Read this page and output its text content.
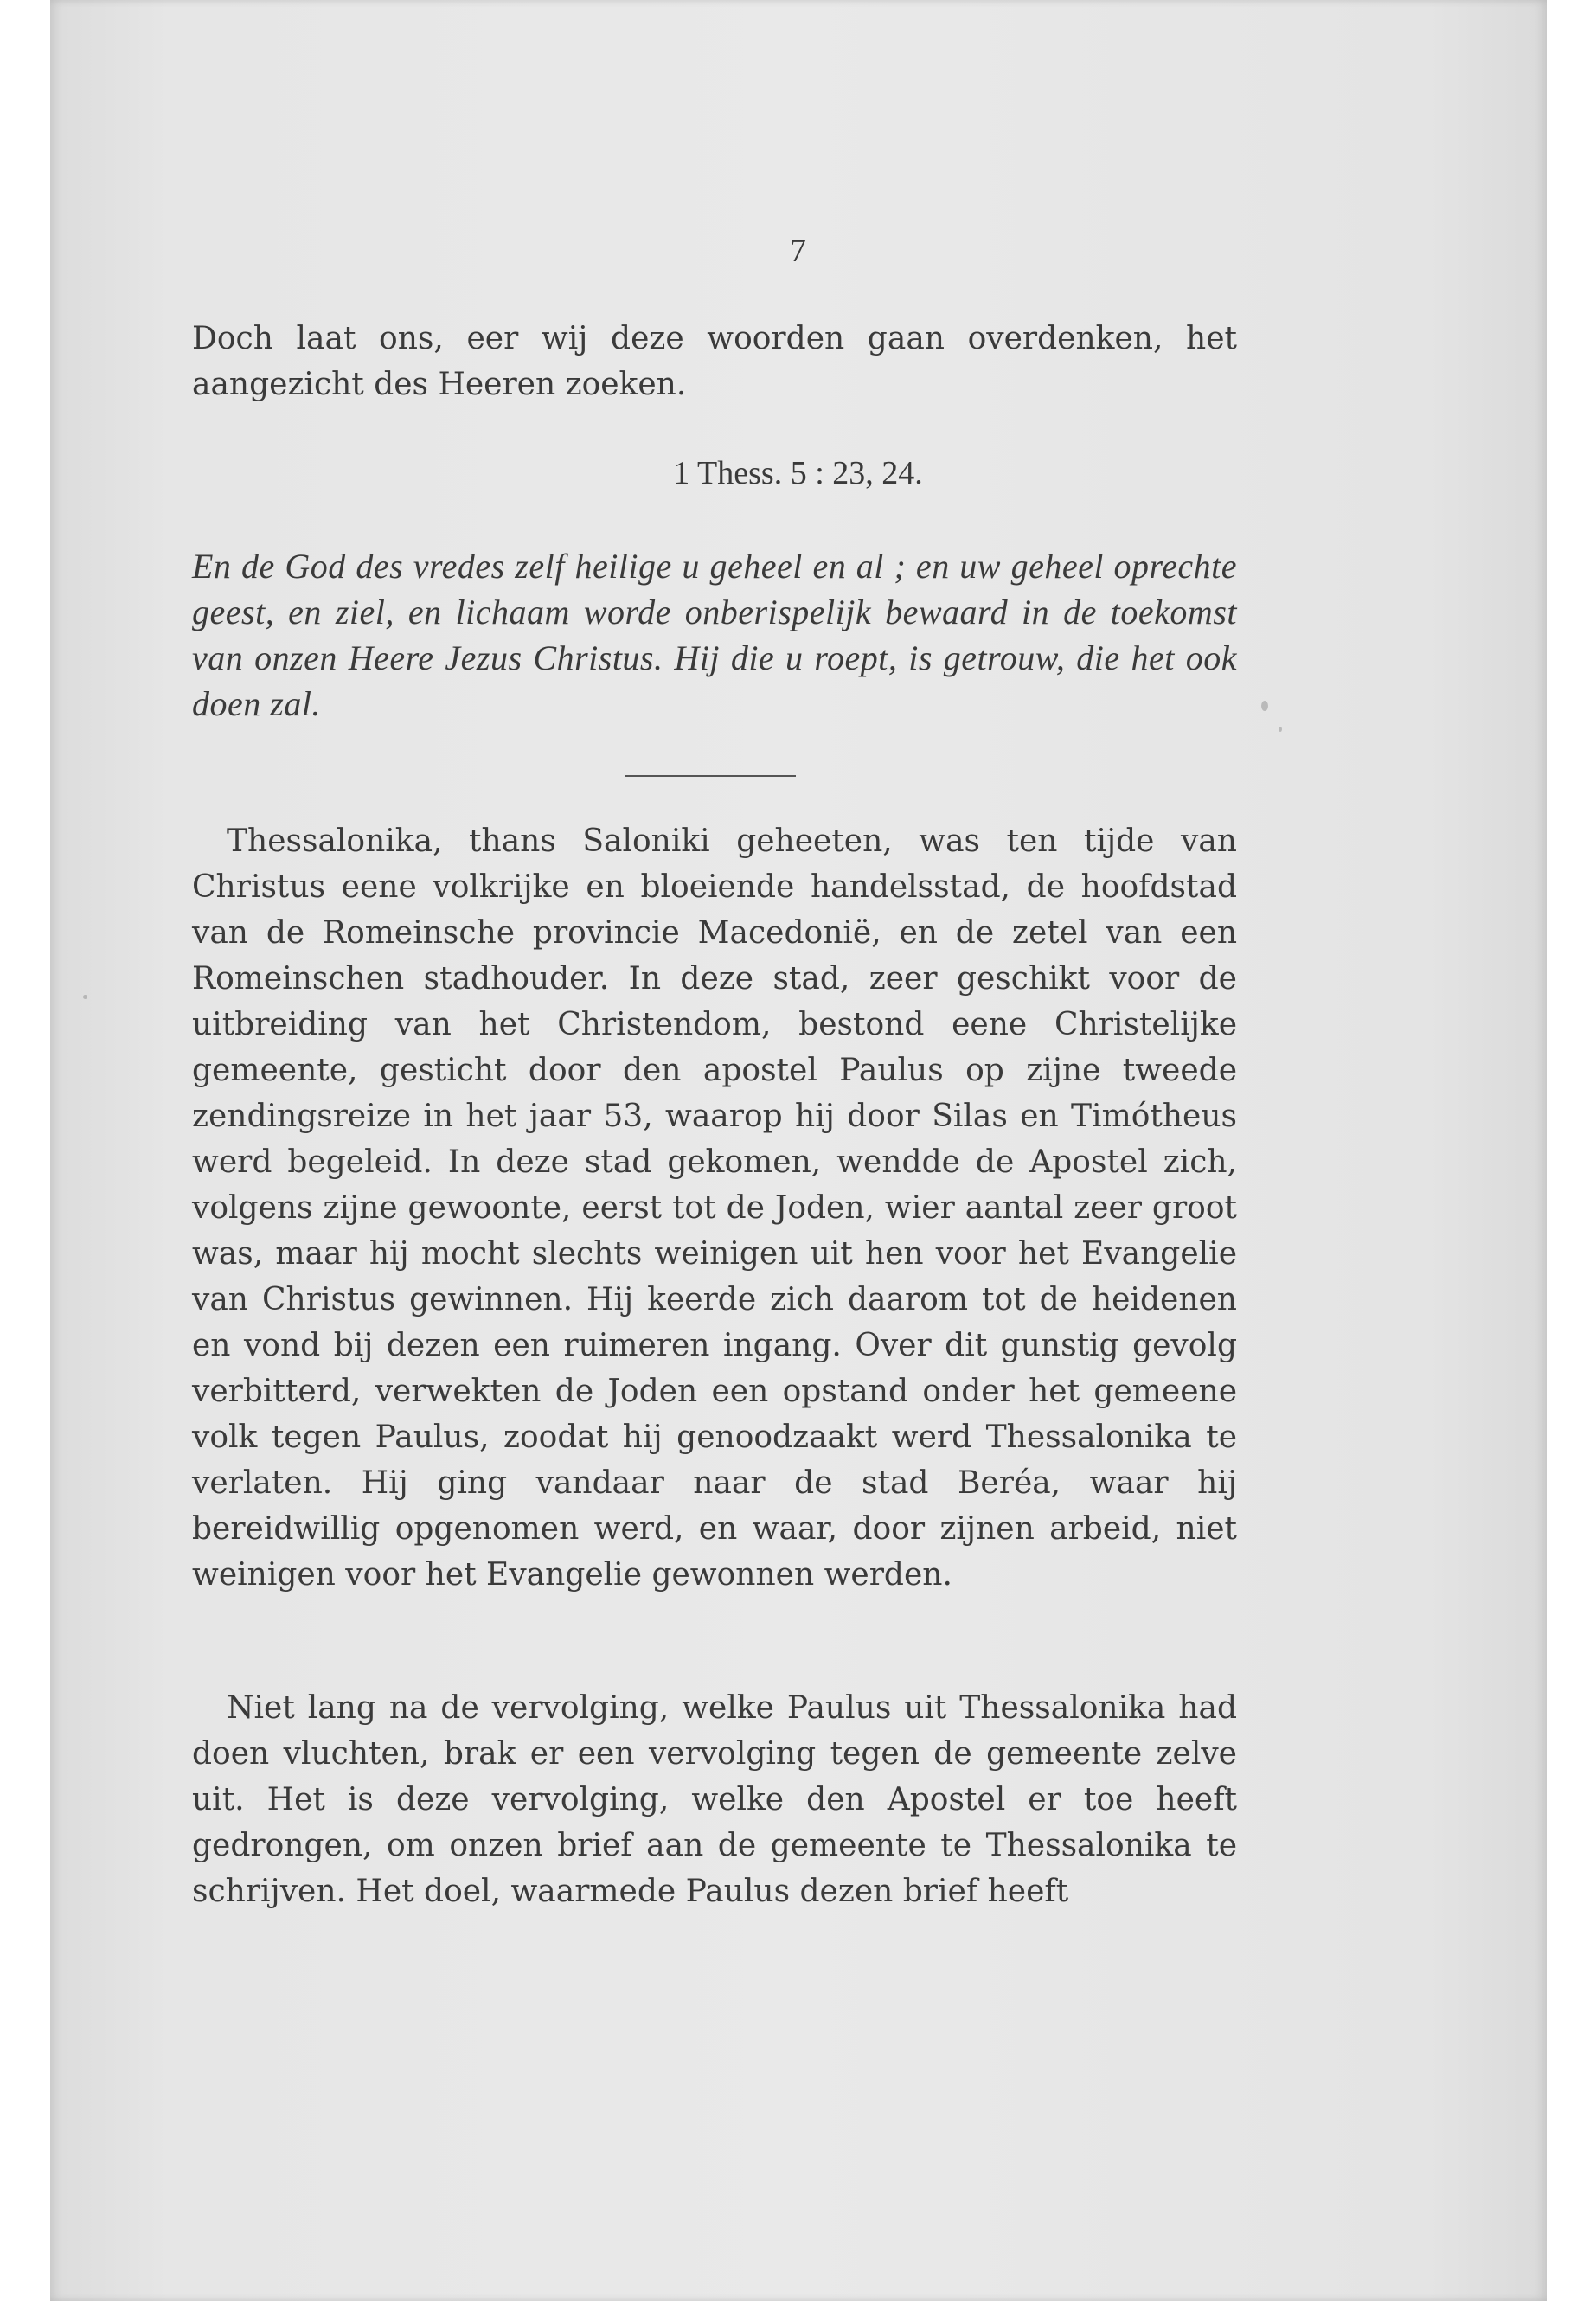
7
Doch laat ons, eer wij deze woorden gaan overdenken, het aangezicht des Heeren zoeken.
1 Thess. 5 : 23, 24.
En de God des vredes zelf heilige u geheel en al ; en uw geheel oprechte geest, en ziel, en lichaam worde onberispelijk bewaard in de toekomst van onzen Heere Jezus Christus. Hij die u roept, is getrouw, die het ook doen zal.
Thessalonika, thans Saloniki geheeten, was ten tijde van Christus eene volkrijke en bloeiende handelsstad, de hoofdstad van de Romeinsche provincie Macedonië, en de zetel van een Romeinschen stadhouder. In deze stad, zeer geschikt voor de uitbreiding van het Christendom, bestond eene Christelijke gemeente, gesticht door den apostel Paulus op zijne tweede zendingsreize in het jaar 53, waarop hij door Silas en Timótheus werd begeleid. In deze stad gekomen, wendde de Apostel zich, volgens zijne gewoonte, eerst tot de Joden, wier aantal zeer groot was, maar hij mocht slechts weinigen uit hen voor het Evangelie van Christus gewinnen. Hij keerde zich daarom tot de heidenen en vond bij dezen een ruimeren ingang. Over dit gunstig gevolg verbitterd, verwekten de Joden een opstand onder het gemeene volk tegen Paulus, zoodat hij genoodzaakt werd Thessalonika te verlaten. Hij ging vandaar naar de stad Beréa, waar hij bereidwillig opgenomen werd, en waar, door zijnen arbeid, niet weinigen voor het Evangelie gewonnen werden.
Niet lang na de vervolging, welke Paulus uit Thessalonika had doen vluchten, brak er een vervolging tegen de gemeente zelve uit. Het is deze vervolging, welke den Apostel er toe heeft gedrongen, om onzen brief aan de gemeente te Thessalonika te schrijven. Het doel, waarmede Paulus dezen brief heeft
